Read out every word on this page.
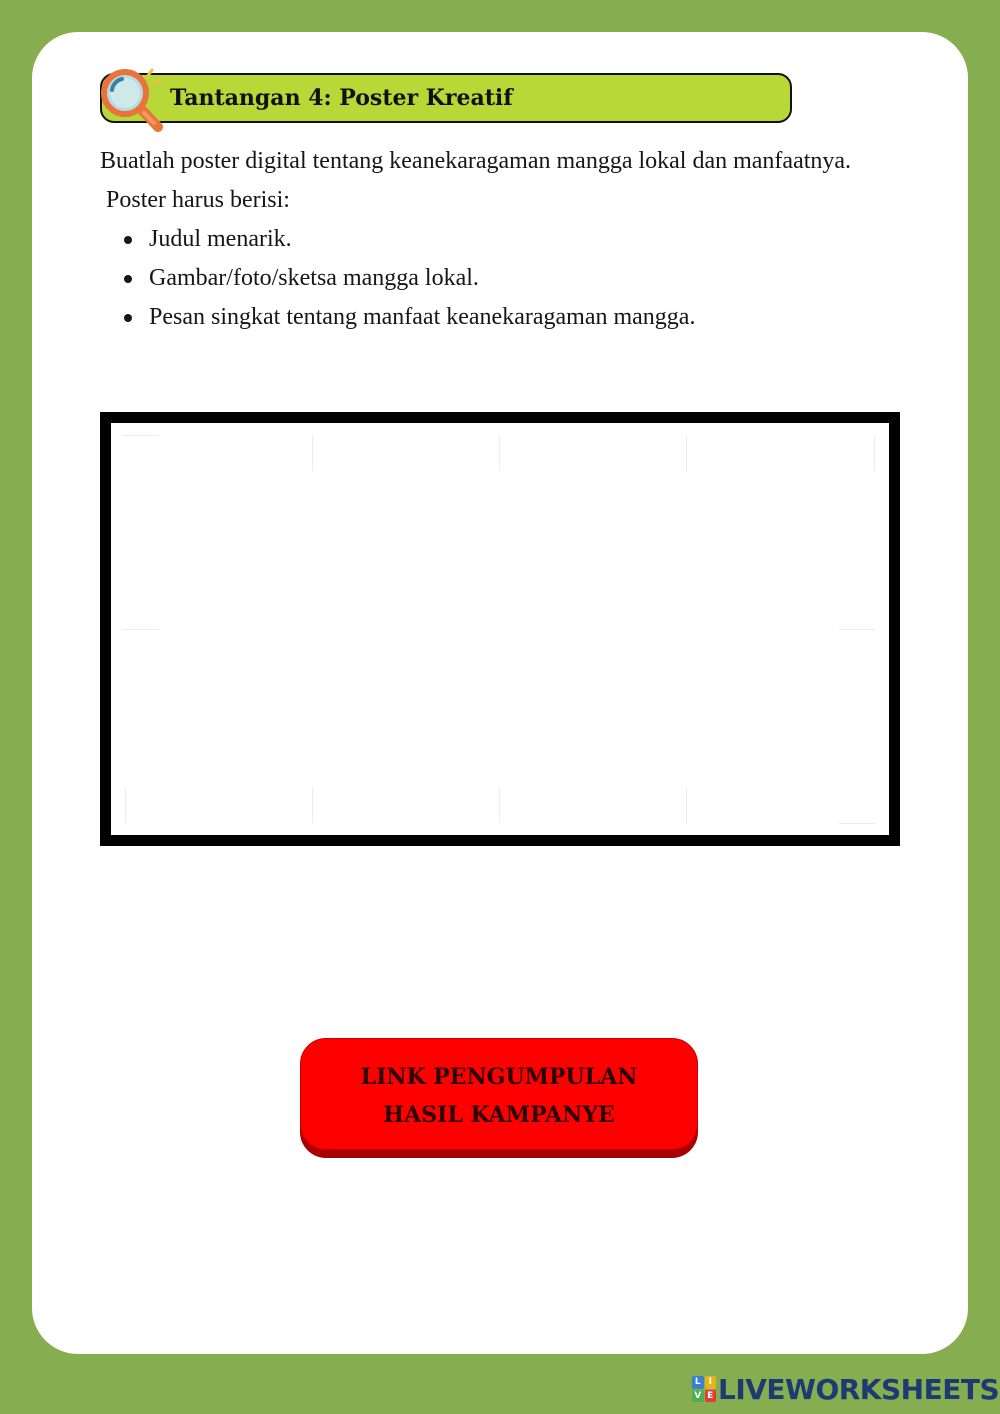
Tantangan 4: Poster Kreatif

Buatlah poster digital tentang keanekaragaman mangga lokal dan manfaatnya.

Poster harus berisi:

Judul menarik.
Gambar/foto/sketsa mangga lokal.
Pesan singkat tentang manfaat keanekaragaman mangga.
LINK PENGUMPULAN
HASIL KAMPANYE
L I
V E LIVEWORKSHEETS
